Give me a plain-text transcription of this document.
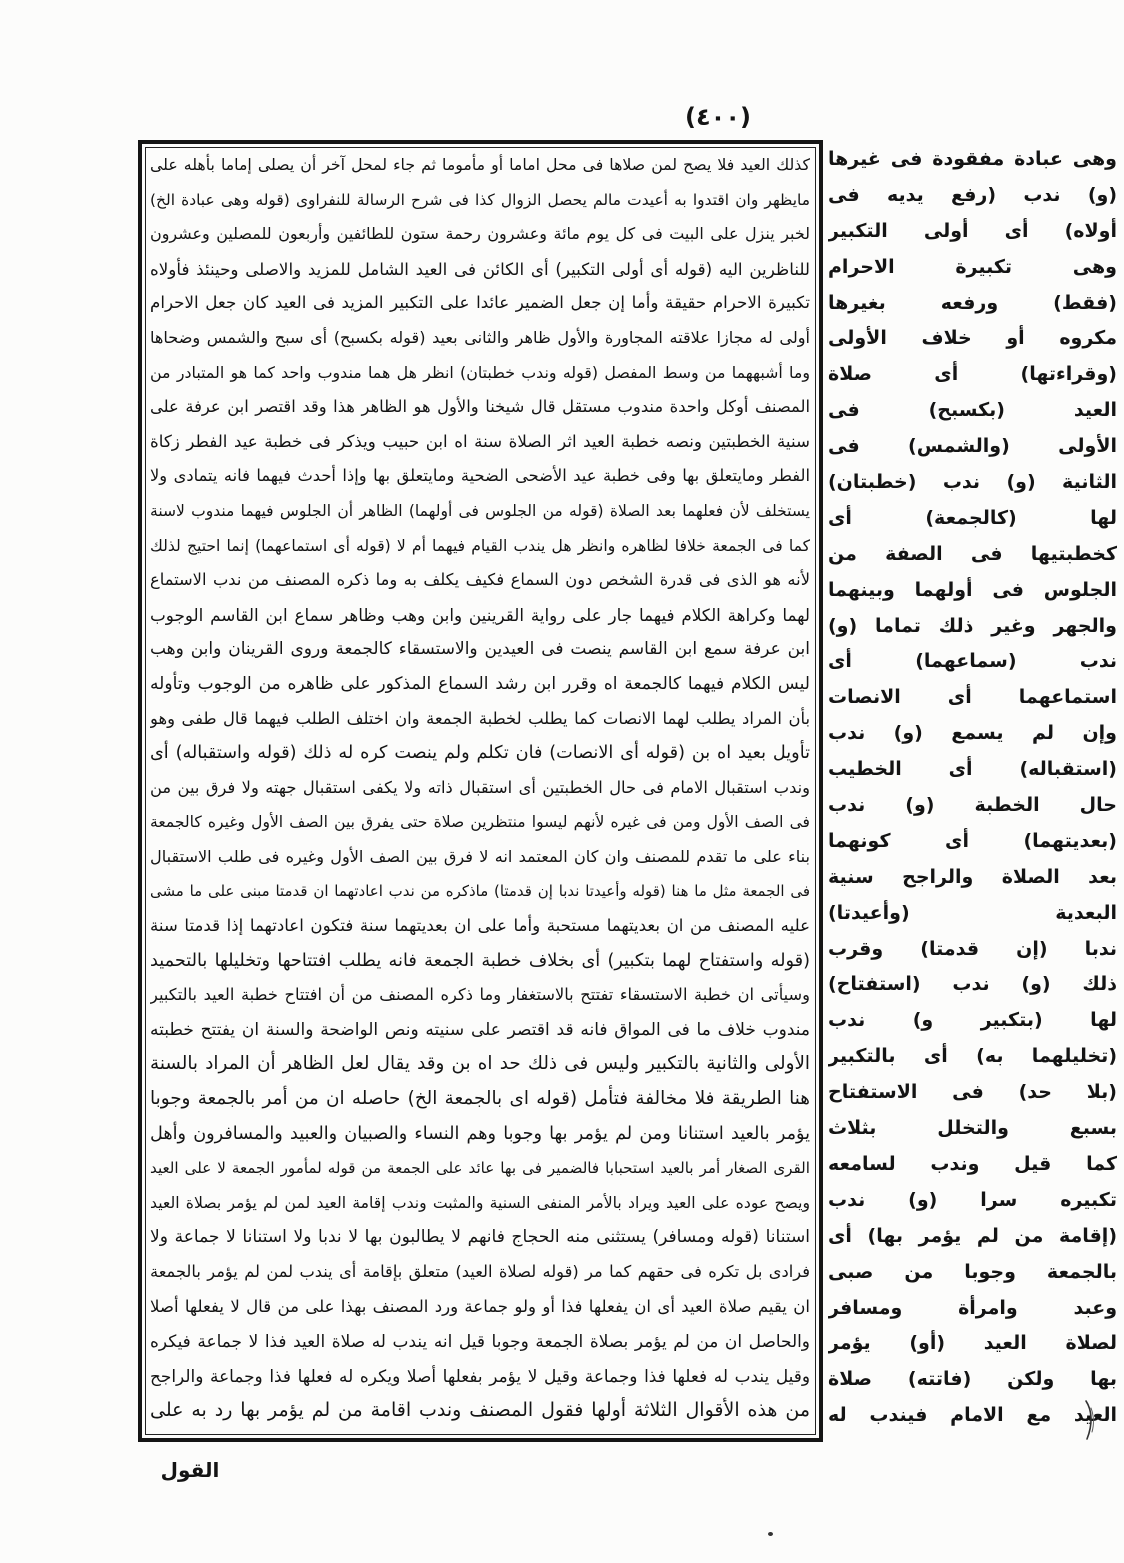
(٤٠٠)
كذلك العيد فلا يصح لمن صلاها فى محل اماما أو مأموما ثم جاء لمحل آخر أن يصلى إماما بأهله على
مايظهر وان اقتدوا به أعيدت مالم يحصل الزوال كذا فى شرح الرسالة للنفراوى (قوله وهى عبادة الخ)
لخبر ينزل على البيت فى كل يوم مائة وعشرون رحمة ستون للطائفين وأربعون للمصلين وعشرون
للناظرين اليه (قوله أى أولى التكبير) أى الكائن فى العيد الشامل للمزيد والاصلى وحينئذ فأولاه
تكبيرة الاحرام حقيقة وأما إن جعل الضمير عائدا على التكبير المزيد فى العيد كان جعل الاحرام
أولى له مجازا علاقته المجاورة والأول ظاهر والثانى بعيد (قوله بكسبح) أى سبح والشمس وضحاها
وما أشبههما من وسط المفصل (قوله وندب خطبتان) انظر هل هما مندوب واحد كما هو المتبادر من
المصنف أوكل واحدة مندوب مستقل قال شيخنا والأول هو الظاهر هذا وقد اقتصر ابن عرفة على
سنية الخطبتين ونصه خطبة العيد اثر الصلاة سنة اه ابن حبيب ويذكر فى خطبة عيد الفطر زكاة
الفطر ومايتعلق بها وفى خطبة عيد الأضحى الضحية ومايتعلق بها وإذا أحدث فيهما فانه يتمادى ولا
يستخلف لأن فعلهما بعد الصلاة (قوله من الجلوس فى أولهما) الظاهر أن الجلوس فيهما مندوب لاسنة
كما فى الجمعة خلافا لظاهره وانظر هل يندب القيام فيهما أم لا (قوله أى استماعهما) إنما احتيج لذلك
لأنه هو الذى فى قدرة الشخص دون السماع فكيف يكلف به وما ذكره المصنف من ندب الاستماع
لهما وكراهة الكلام فيهما جار على رواية القرينين وابن وهب وظاهر سماع ابن القاسم الوجوب
ابن عرفة سمع ابن القاسم ينصت فى العيدين والاستسقاء كالجمعة وروى القرينان وابن وهب
ليس الكلام فيهما كالجمعة اه وقرر ابن رشد السماع المذكور على ظاهره من الوجوب وتأوله
بأن المراد يطلب لهما الانصات كما يطلب لخطبة الجمعة وان اختلف الطلب فيهما قال طفى وهو
تأويل بعيد اه بن (قوله أى الانصات) فان تكلم ولم ينصت كره له ذلك (قوله واستقباله) أى
وندب استقبال الامام فى حال الخطبتين أى استقبال ذاته ولا يكفى استقبال جهته ولا فرق بين من
فى الصف الأول ومن فى غيره لأنهم ليسوا منتظرين صلاة حتى يفرق بين الصف الأول وغيره كالجمعة
بناء على ما تقدم للمصنف وان كان المعتمد انه لا فرق بين الصف الأول وغيره فى طلب الاستقبال
فى الجمعة مثل ما هنا (قوله وأعيدتا ندبا إن قدمتا) ماذكره من ندب اعادتهما ان قدمتا مبنى على ما مشى
عليه المصنف من ان بعديتهما مستحبة وأما على ان بعديتهما سنة فتكون اعادتهما إذا قدمتا سنة
(قوله واستفتاح لهما بتكبير) أى بخلاف خطبة الجمعة فانه يطلب افتتاحها وتخليلها بالتحميد
وسيأتى ان خطبة الاستسقاء تفتتح بالاستغفار وما ذكره المصنف من أن افتتاح خطبة العيد بالتكبير
مندوب خلاف ما فى المواق فانه قد اقتصر على سنيته ونص الواضحة والسنة ان يفتتح خطبته
الأولى والثانية بالتكبير وليس فى ذلك حد اه بن وقد يقال لعل الظاهر أن المراد بالسنة
هنا الطريقة فلا مخالفة فتأمل (قوله اى بالجمعة الخ) حاصله ان من أمر بالجمعة وجوبا
يؤمر بالعيد استنانا ومن لم يؤمر بها وجوبا وهم النساء والصبيان والعبيد والمسافرون وأهل
القرى الصغار أمر بالعيد استحبابا فالضمير فى بها عائد على الجمعة من قوله لمأمور الجمعة لا على العيد
ويصح عوده على العيد ويراد بالأمر المنفى السنية والمثبت وندب إقامة العيد لمن لم يؤمر بصلاة العيد
استنانا (قوله ومسافر) يستثنى منه الحجاج فانهم لا يطالبون بها لا ندبا ولا استنانا لا جماعة ولا
فرادى بل تكره فى حقهم كما مر (قوله لصلاة العيد) متعلق بإقامة أى يندب لمن لم يؤمر بالجمعة
ان يقيم صلاة العيد أى ان يفعلها فذا أو ولو جماعة ورد المصنف بهذا على من قال لا يفعلها أصلا
والحاصل ان من لم يؤمر بصلاة الجمعة وجوبا قيل انه يندب له صلاة العيد فذا لا جماعة فيكره
وقيل يندب له فعلها فذا وجماعة وقيل لا يؤمر بفعلها أصلا ويكره له فعلها فذا وجماعة والراجح
من هذه الأقوال الثلاثة أولها فقول المصنف وندب اقامة من لم يؤمر بها رد به على
وهى عبادة مفقودة فى غيرها
(و) ندب (رفع يديه فى
أولاه) أى أولى التكبير
وهى تكبيرة الاحرام
(فقط) ورفعه بغيرها
مكروه أو خلاف الأولى
(وقراءتها) أى صلاة
العيد (بكسبح) فى
الأولى (والشمس) فى
الثانية (و) ندب (خطبتان)
لها (كالجمعة) أى
كخطبتيها فى الصفة من
الجلوس فى أولهما وبينهما
والجهر وغير ذلك تماما (و)
ندب (سماعهما) أى
استماعهما أى الانصات
وإن لم يسمع (و) ندب
(استقباله) أى الخطيب
حال الخطبة (و) ندب
(بعديتهما) أى كونهما
بعد الصلاة والراجح سنية
البعدية (وأعيدتا)
ندبا (إن قدمتا) وقرب
ذلك (و) ندب (استفتاح)
لها (بتكبير و) ندب
(تخليلهما به) أى بالتكبير
(بلا حد) فى الاستفتاح
بسبع والتخلل بثلاث
كما قيل وندب لسامعه
تكبيره سرا (و) ندب
(إقامة من لم يؤمر بها) أى
بالجمعة وجوبا من صبى
وعبد وامرأة ومسافر
لصلاة العيد (أو) يؤمر
بها ولكن (فاتته) صلاة
العيد مع الامام فيندب له
القول
